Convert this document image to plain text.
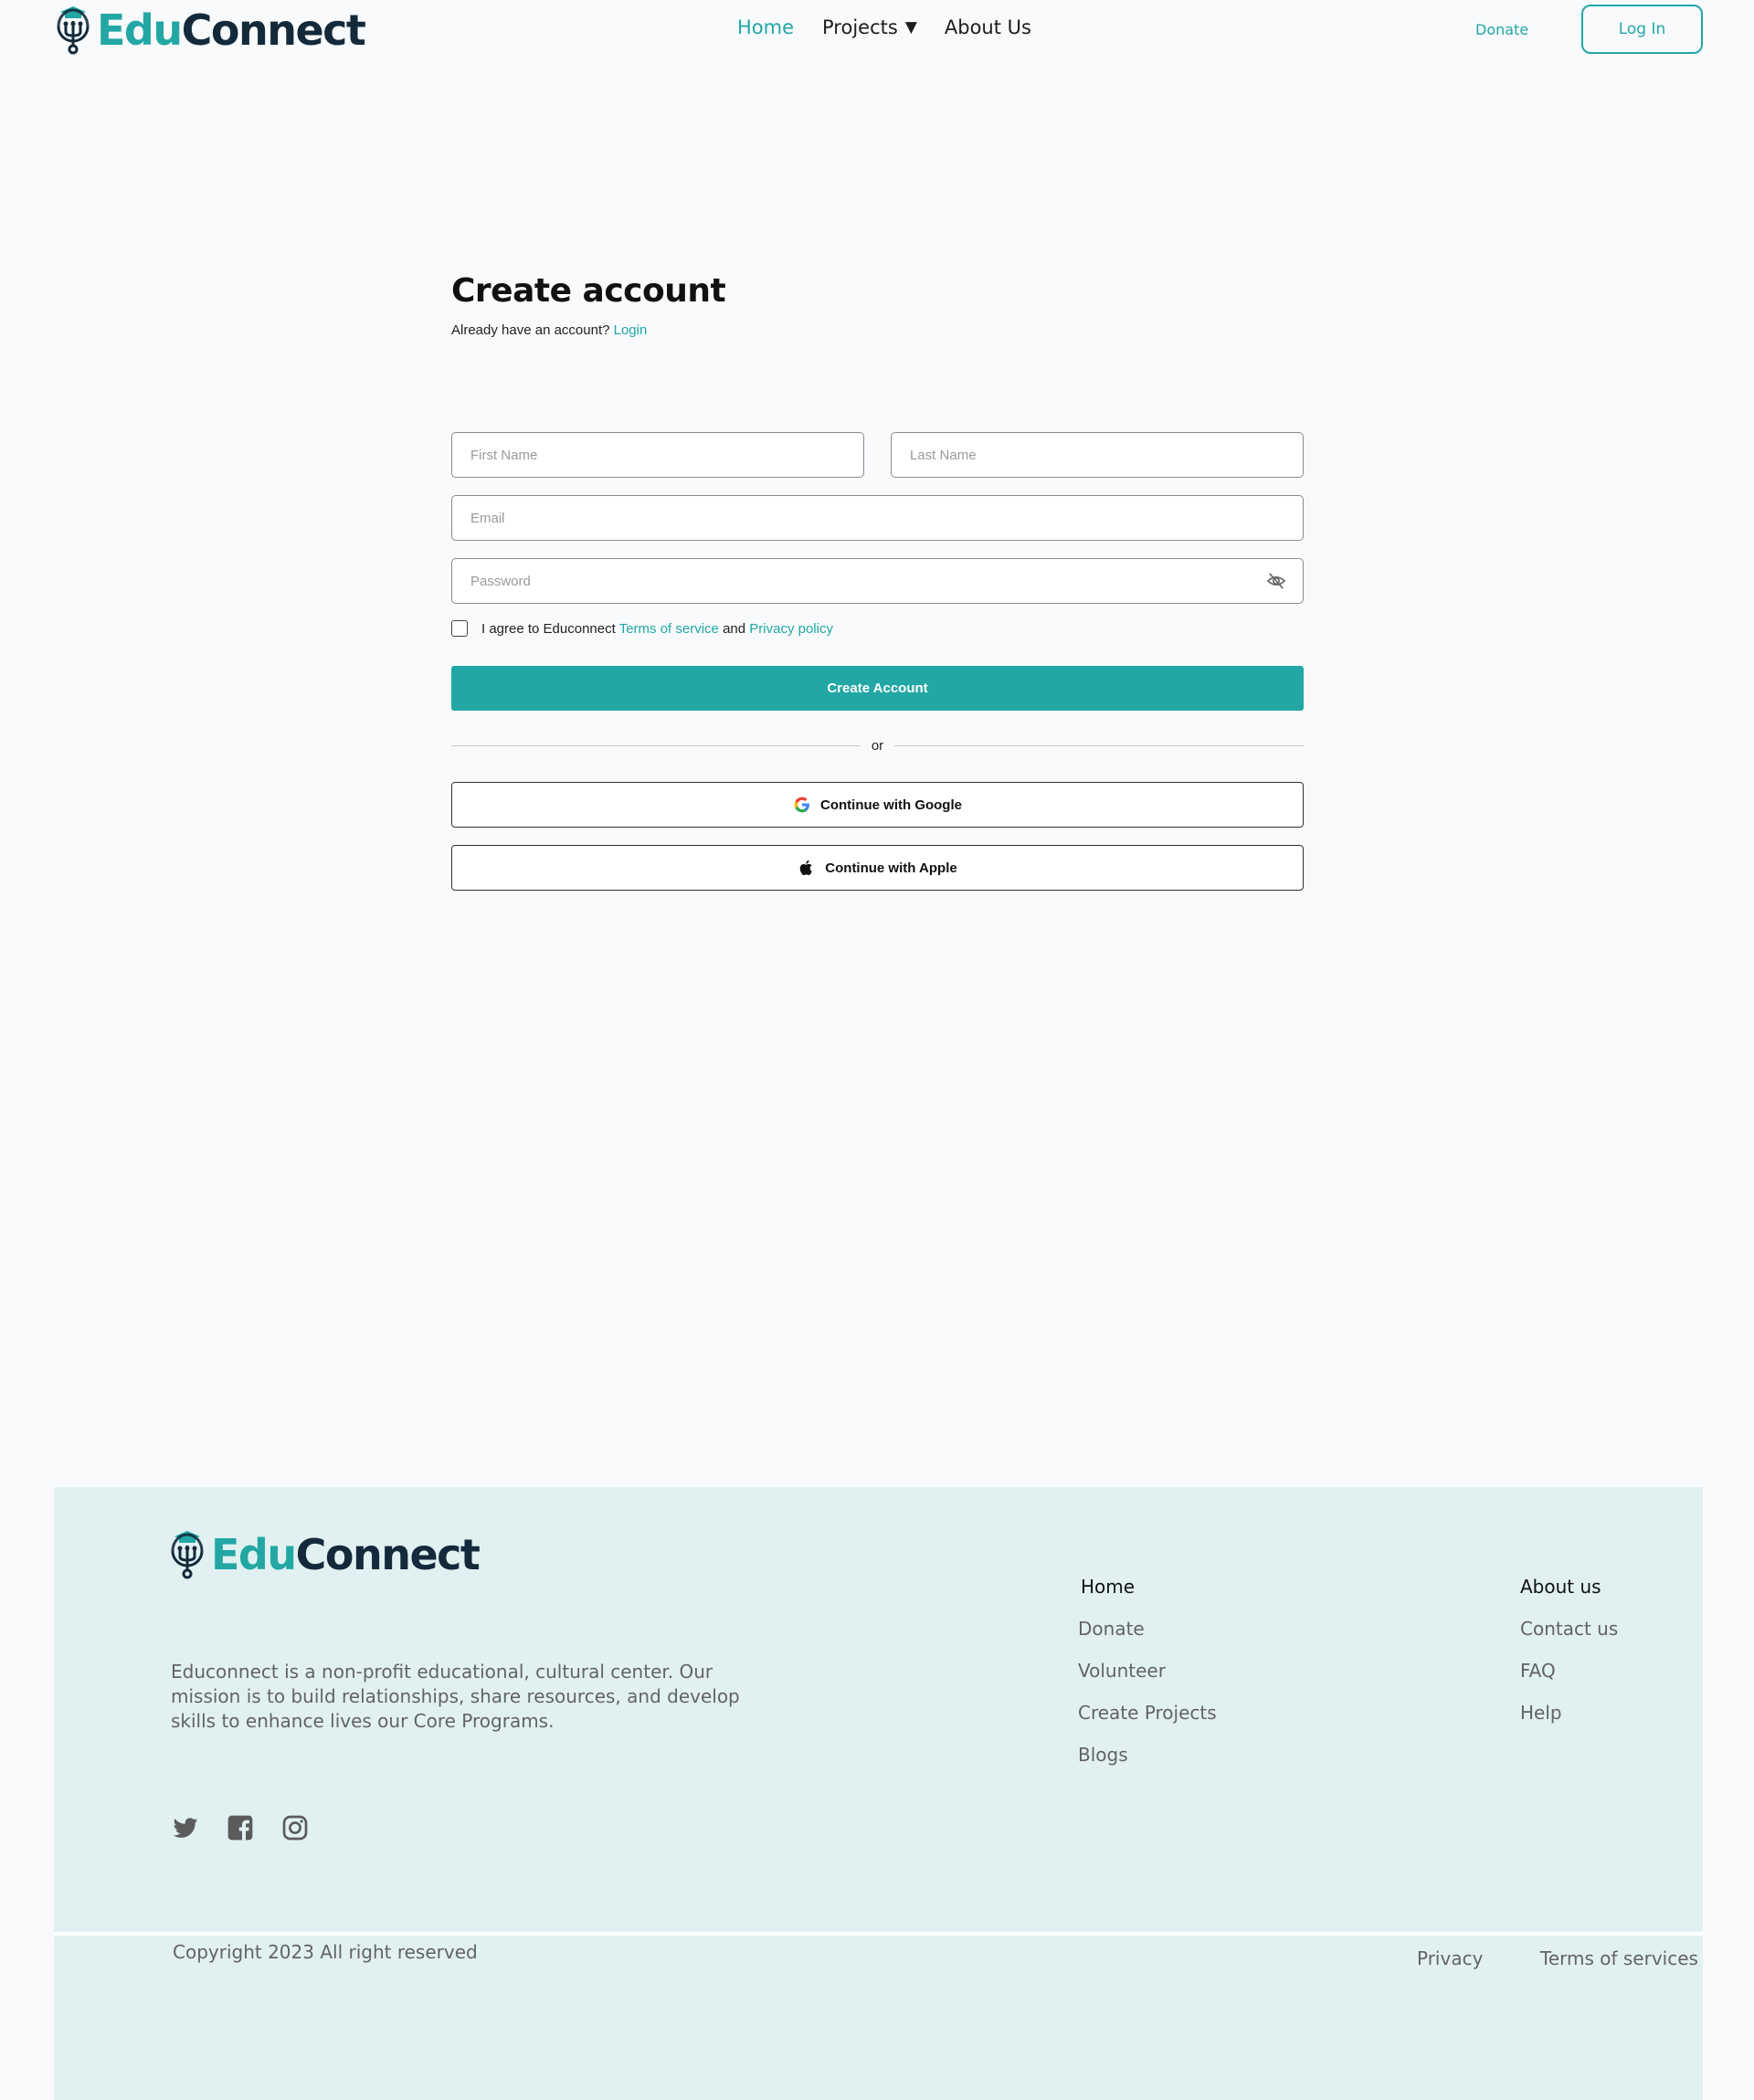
EduConnect	Home Projects ▼ About Us	Donate	Log In
Create account

Already have an account? Login

First Name
Last Name
Email
I agree to Educonnect Terms of service and Privacy policy
Create Account
or
Continue with Google
Continue with Apple
EduConnect

Educonnect is a non-profit educational, cultural center. Our mission is to build relationships, share resources, and develop skills to enhance lives our Core Programs.

Home
Donate
Volunteer
Create Projects
Blogs
About us
Contact us
FAQ
Help
Copyright 2023 All right reserved	Privacy	Terms of services
